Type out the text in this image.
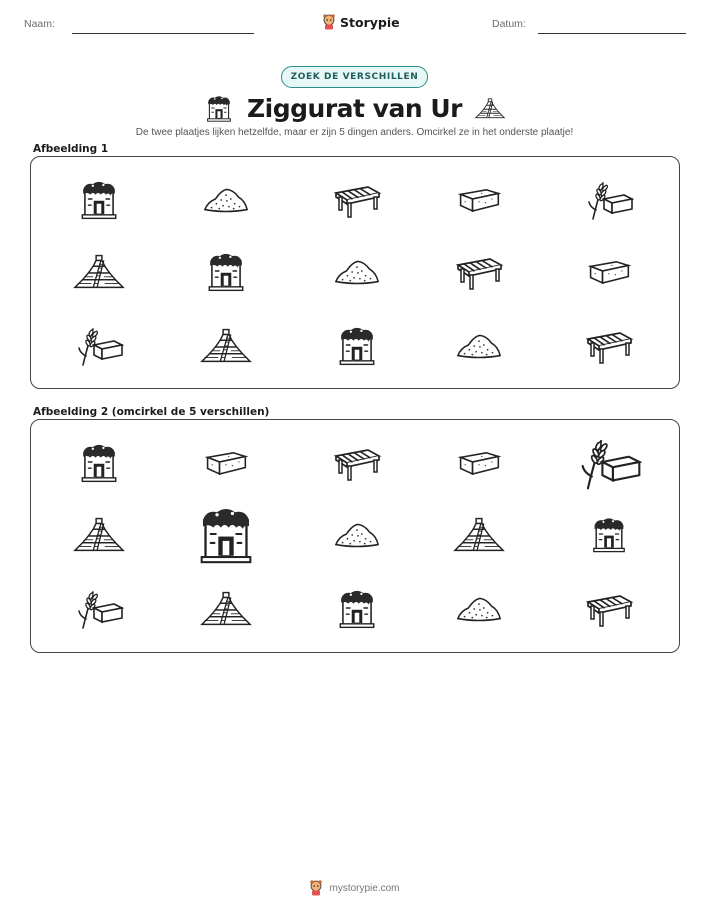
Naam:	Storypie	Datum:
ZOEK DE VERSCHILLEN
Ziggurat van Ur
De twee plaatjes lijken hetzelfde, maar er zijn 5 dingen anders. Omcirkel ze in het onderste plaatje!
Afbeelding 1
Afbeelding 2 (omcirkel de 5 verschillen)
mystorypie.com
